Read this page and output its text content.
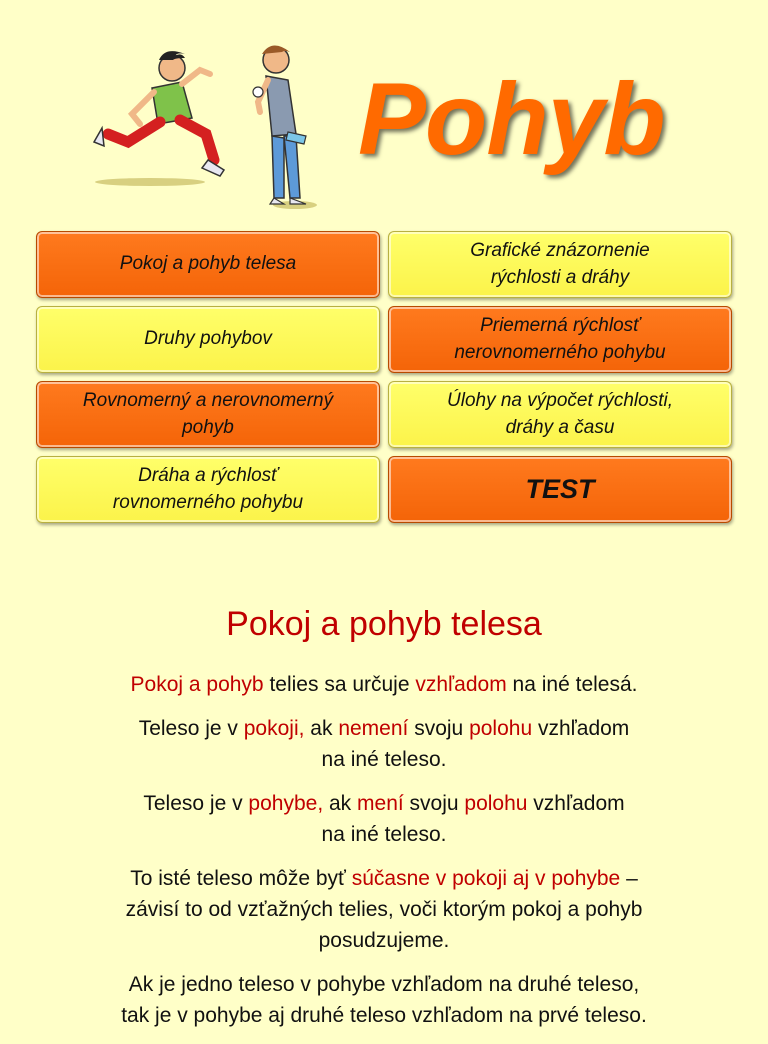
Pohyb
Pokoj a pohyb telesa
Grafické znázornenie
rýchlosti a dráhy
Druhy pohybov
Priemerná rýchlosť
nerovnomerného pohybu
Rovnomerný a nerovnomerný
pohyb
Úlohy na výpočet rýchlosti,
dráhy a času
Dráha a rýchlosť
rovnomerného pohybu	TEST
Pokoj a pohyb telesa
Pokoj a pohyb telies sa určuje vzhľadom na iné telesá.
Teleso je v pokoji, ak nemení svoju polohu vzhľadom
na iné teleso.
Teleso je v pohybe, ak mení svoju polohu vzhľadom
na iné teleso.
To isté teleso môže byť súčasne v pokoji aj v pohybe –
závisí to od vzťažných telies, voči ktorým pokoj a pohyb
posudzujeme.
Ak je jedno teleso v pohybe vzhľadom na druhé teleso,
tak je v pohybe aj druhé teleso vzhľadom na prvé teleso.
